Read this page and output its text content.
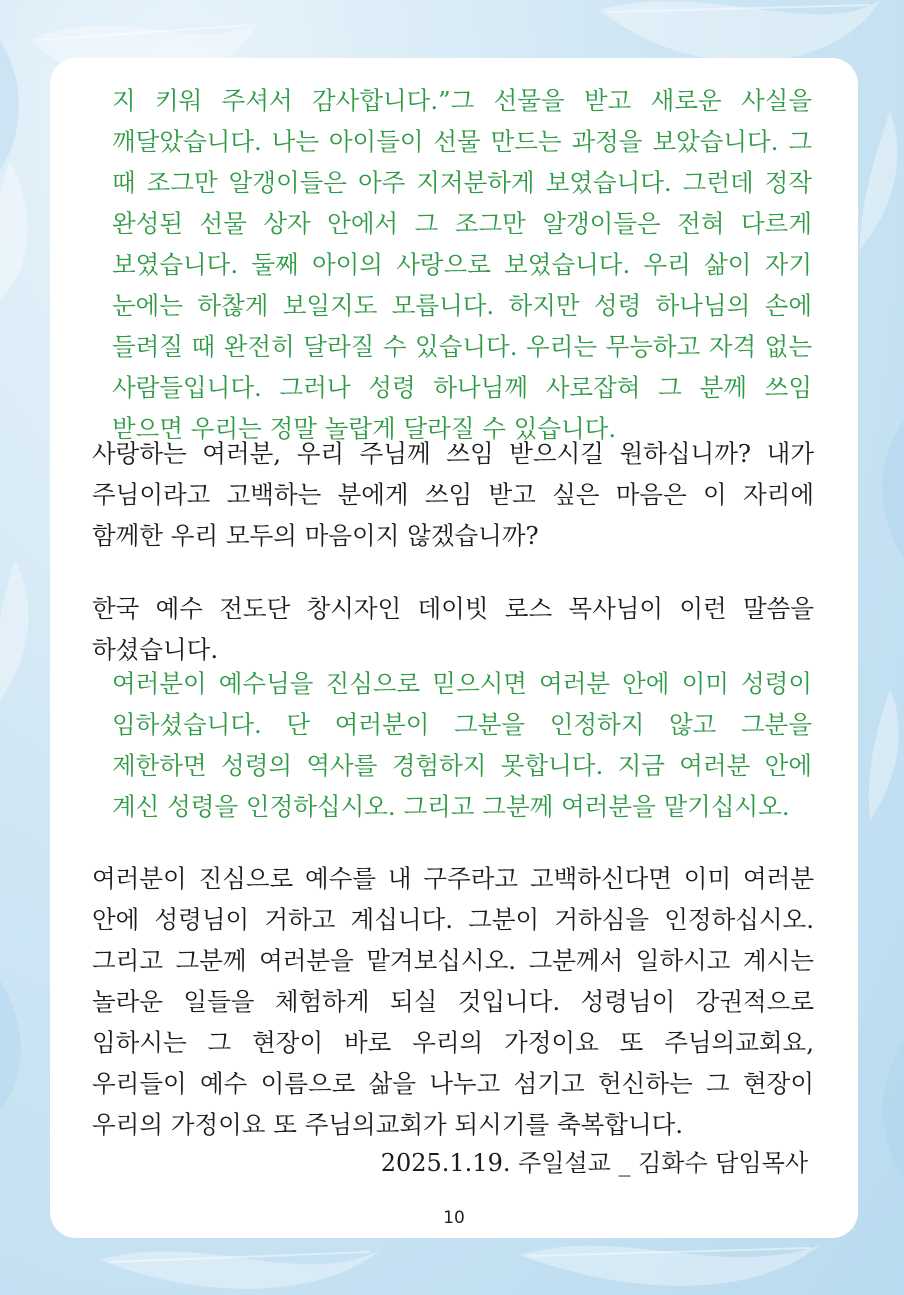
지 키워 주셔서 감사합니다.”그 선물을 받고 새로운 사실을 깨달았습니다. 나는 아이들이 선물 만드는 과정을 보았습니다. 그 때 조그만 알갱이들은 아주 지저분하게 보였습니다. 그런데 정작 완성된 선물 상자 안에서 그 조그만 알갱이들은 전혀 다르게 보였습니다. 둘째 아이의 사랑으로 보였습니다. 우리 삶이 자기 눈에는 하찮게 보일지도 모릅니다. 하지만 성령 하나님의 손에 들려질 때 완전히 달라질 수 있습니다. 우리는 무능하고 자격 없는 사람들입니다. 그러나 성령 하나님께 사로잡혀 그 분께 쓰임 받으면 우리는 정말 놀랍게 달라질 수 있습니다.

사랑하는 여러분, 우리 주님께 쓰임 받으시길 원하십니까? 내가 주님이라고 고백하는 분에게 쓰임 받고 싶은 마음은 이 자리에 함께한 우리 모두의 마음이지 않겠습니까?

한국 예수 전도단 창시자인 데이빗 로스 목사님이 이런 말씀을 하셨습니다.

여러분이 예수님을 진심으로 믿으시면 여러분 안에 이미 성령이 임하셨습니다. 단 여러분이 그분을 인정하지 않고 그분을 제한하면 성령의 역사를 경험하지 못합니다. 지금 여러분 안에 계신 성령을 인정하십시오. 그리고 그분께 여러분을 맡기십시오.

여러분이 진심으로 예수를 내 구주라고 고백하신다면 이미 여러분 안에 성령님이 거하고 계십니다. 그분이 거하심을 인정하십시오. 그리고 그분께 여러분을 맡겨보십시오. 그분께서 일하시고 계시는 놀라운 일들을 체험하게 되실 것입니다. 성령님이 강권적으로 임하시는 그 현장이 바로 우리의 가정이요 또 주님의교회요, 우리들이 예수 이름으로 삶을 나누고 섬기고 헌신하는 그 현장이 우리의 가정이요 또 주님의교회가 되시기를 축복합니다.

2025.1.19. 주일설교 _ 김화수 담임목사
10
